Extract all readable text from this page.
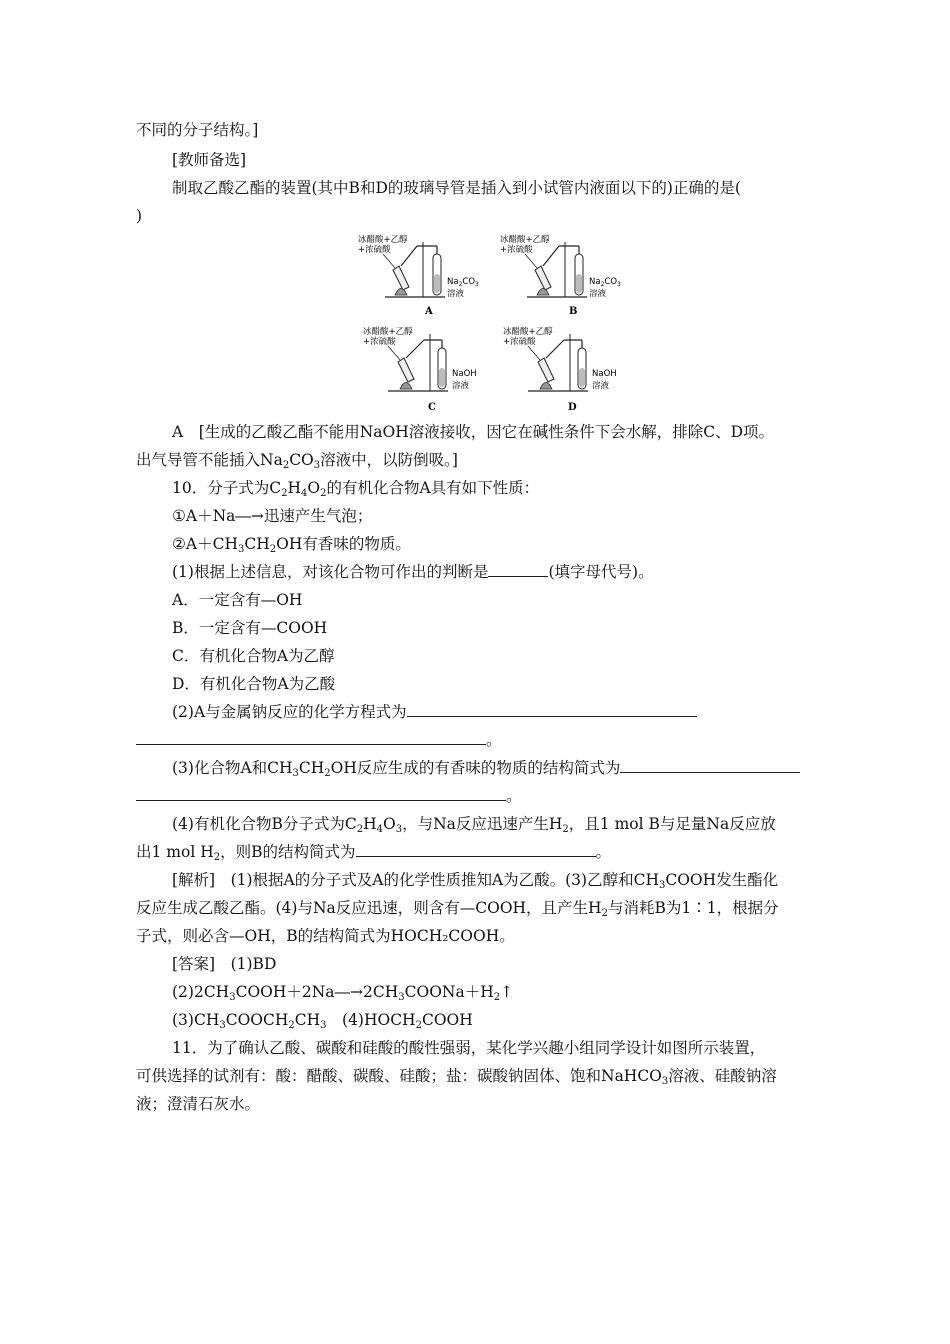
不同的分子结构。]
[教师备选]
制取乙酸乙酯的装置(其中B和D的玻璃导管是插入到小试管内液面以下的)正确的是(
)
冰醋酸+乙醇
+浓硫酸
$Na_2CO_3$
溶液
A
冰醋酸+乙醇
+浓硫酸
$Na_2CO_3$
溶液
B
冰醋酸+乙醇
+浓硫酸
NaOH
溶液
C
冰醋酸+乙醇
+浓硫酸
NaOH
溶液
D
A　[生成的乙酸乙酯不能用NaOH溶液接收，因它在碱性条件下会水解，排除C、D项。
出气导管不能插入$Na_2CO_3$溶液中，以防倒吸。]
10．分子式为$C_2H_4O_2$的有机化合物A具有如下性质：
①A＋Na―→迅速产生气泡；
$②A+CH_3CH_2OH$有香味的物质。
(1)根据上述信息，对该化合物可作出的判断是	(填字母代号)。
A．一定含有—OH
B．一定含有—COOH
C．有机化合物A为乙醇
D．有机化合物A为乙酸
(2)A与金属钠反应的化学方程式为
。
(3)化合物A和$CH_3CH_2OH$反应生成的有香味的物质的结构简式为
。
(4)有机化合物B分子式为$C_2H_4O_3$，与Na反应迅速产生$H_2$，且1 mol B与足量Na反应放
出1 mol $H_2$，则B的结构简式为	。
[解析]　(1)根据A的分子式及A的化学性质推知A为乙酸。(3)乙醇和$CH_3COOH$发生酯化
反应生成乙酸乙酯。(4)与Na反应迅速，则含有—COOH，且产生$H_2$与消耗B为1∶1，根据分
子式，则必含—OH，B的结构简式为HOCH₂COOH。
[答案]　(1)BD
$(2)2CH_3COOH+2Na―\to 2CH_3COONa+H_2↑$
$(3)CH_3COOCH_2CH_3$　$(4)HOCH_2COOH$
11．为了确认乙酸、碳酸和硅酸的酸性强弱，某化学兴趣小组同学设计如图所示装置，
可供选择的试剂有：酸：醋酸、碳酸、硅酸；盐：碳酸钠固体、饱和NaHCO$_3$溶液、硅酸钠溶
液；澄清石灰水。
